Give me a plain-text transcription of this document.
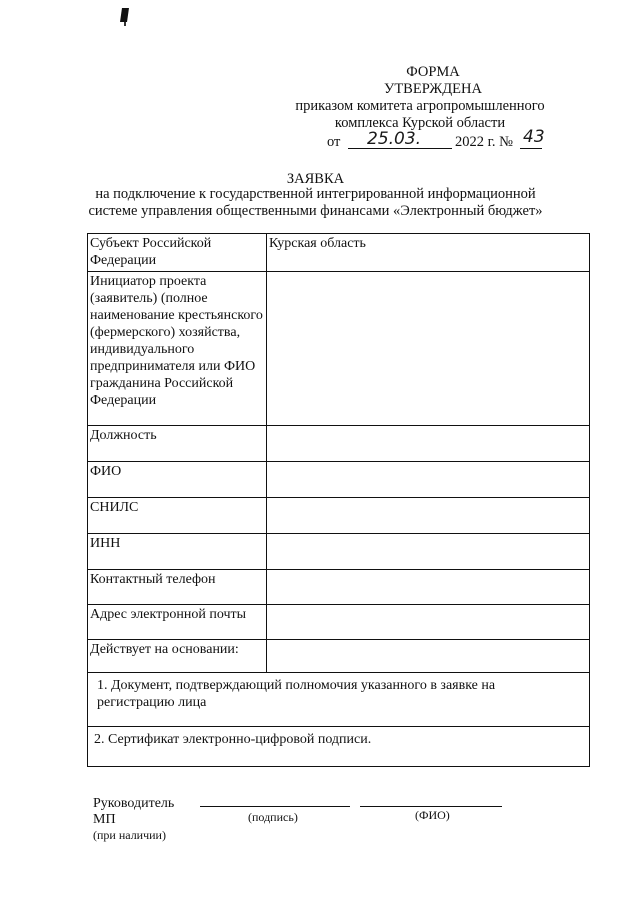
ФОРМА
УТВЕРЖДЕНА
приказом комитета агропромышленного
комплекса Курской области
от 25.03. 2022 г. № 43
ЗАЯВКА
на подключение к государственной интегрированной информационной
системе управления общественными финансами «Электронный бюджет»
Субъект Российской Федерации	Курская область
Инициатор проекта (заявитель) (полное наименование крестьянского (фермерского) хозяйства, индивидуального предпринимателя или ФИО гражданина Российской Федерации	
Должность	
ФИО	
СНИЛС	
ИНН	
Контактный телефон	
Адрес электронной почты	
Действует на основании:	

1. Документ, подтверждающий полномочия указанного в заявке на регистрацию лица	

2. Сертификат электронно-цифровой подписи.	
Руководитель
МП	(подпись)	(ФИО)
(при наличии)
